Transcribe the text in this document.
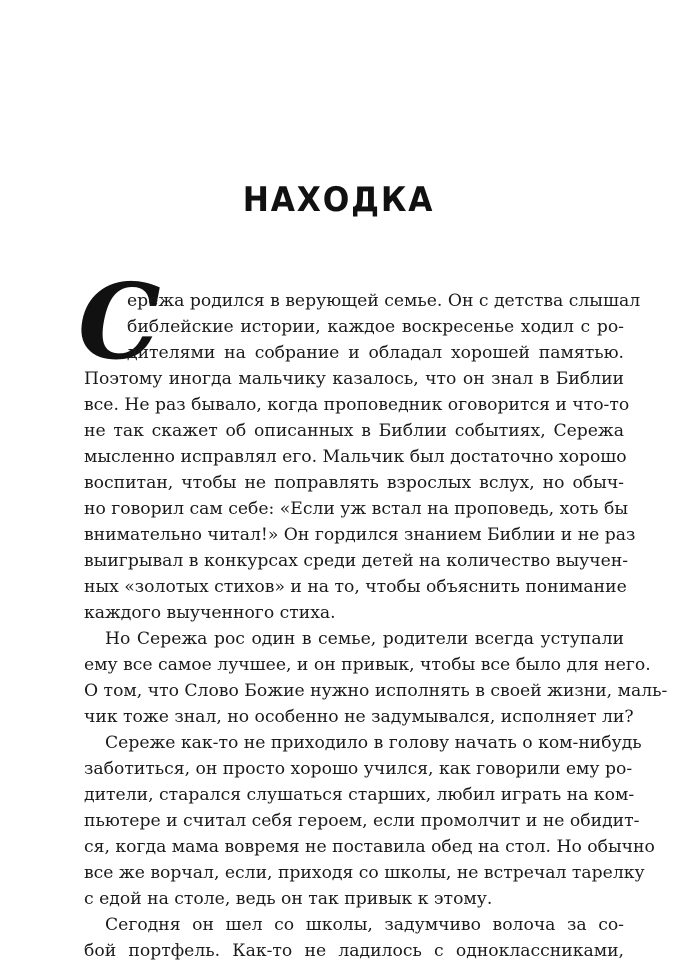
НАХОДКА
С
ережа родился в верующей семье. Он с детства слышал
библейские истории, каждое воскресенье ходил с ро-
дителями на собрание и обладал хорошей памятью.
Поэтому иногда мальчику казалось, что он знал в Библии
все. Не раз бывало, когда проповедник оговорится и что-то
не так скажет об описанных в Библии событиях, Сережа
мысленно исправлял его. Мальчик был достаточно хорошо
воспитан, чтобы не поправлять взрослых вслух, но обыч-
но говорил сам себе: «Если уж встал на проповедь, хоть бы
внимательно читал!» Он гордился знанием Библии и не раз
выигрывал в конкурсах среди детей на количество выучен-
ных «золотых стихов» и на то, чтобы объяснить понимание
каждого выученного стиха.
Но Сережа рос один в семье, родители всегда уступали
ему все самое лучшее, и он привык, чтобы все было для него.
О том, что Слово Божие нужно исполнять в своей жизни, маль-
чик тоже знал, но особенно не задумывался, исполняет ли?
Сереже как-то не приходило в голову начать о ком-нибудь
заботиться, он просто хорошо учился, как говорили ему ро-
дители, старался слушаться старших, любил играть на ком-
пьютере и считал себя героем, если промолчит и не обидит-
ся, когда мама вовремя не поставила обед на стол. Но обычно
все же ворчал, если, приходя со школы, не встречал тарелку
с едой на столе, ведь он так привык к этому.
Сегодня он шел со школы, задумчиво волоча за со-
бой портфель. Как-то не ладилось с одноклассниками,
